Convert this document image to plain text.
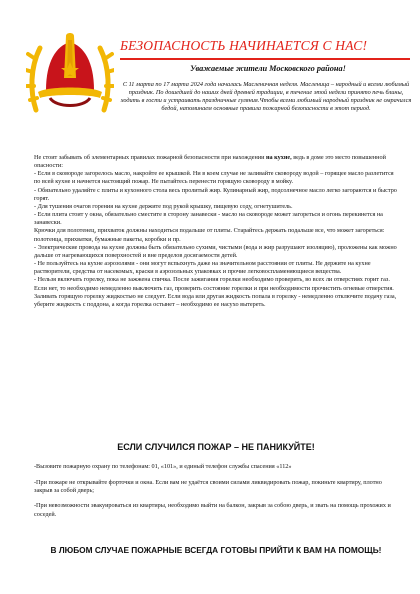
БЕЗОПАСНОСТЬ НАЧИНАЕТСЯ С НАС!

Уважаемые жители Московского района!

С 11 марта по 17 марта 2024 года началась Масленичная неделя. Масленица – народный и всеми любимый праздник. По дошедшей до наших дней древней традиции, в течение этой недели принято печь блины, ходить в гости и устраивать праздничные гуляния.Чтобы всеми любимый народный праздник не омрачился бедой, напоминаем основные правила пожарной безопасности в этот период.

Не стоит забывать об элементарных правилах пожарной безопасности при нахождении на кухне, ведь в доме это место повышенной опасности:

- Если в сковороде загорелось масло, накройте ее крышкой. Ни в коем случае не заливайте сковороду водой – горящее масло разлетится по всей кухне и начнется настоящий пожар. Не пытайтесь перенести горящую сковороду в мойку.

- Обязательно удаляйте с плиты и кухонного стола весь пролитый жир. Кулинарный жир, подсолнечное масло легко загораются и быстро горят.

- Для тушения очагов горения на кухне держите под рукой крышку, пищевую соду, огнетушитель.

- Если плита стоит у окна, обязательно сместите в сторону занавески - масло на сковороде может загореться и огонь перекинется на занавески.

Крючки для полотенец, прихваток должны находиться подальше от плиты. Старайтесь держать подальше все, что может загореться: полотенца, прихватки, бумажные пакеты, коробки и пр.

- Электрические провода на кухне должны быть обязательно сухими, чистыми (вода и жир разрушают изоляцию), проложены как можно дальше от нагревающихся поверхностей и вне пределов досягаемости детей.

- Не пользуйтесь на кухне аэрозолями - они могут вспыхнуть даже на значительном расстоянии от плиты. Не держите на кухне растворители, средства от насекомых, краски в аэрозольных упаковках и прочие легковоспламеняющиеся вещества.

- Нельзя включать горелку, пока не зажжена спичка. После зажигания горелки необходимо проверить, во всех ли отверстиях горит газ. Если нет, то необходимо немедленно выключить газ, проверить состояние горелки и при необходимости прочистить огневые отверстия. Заливать горящую горелку жидкостью не следует. Если вода или другая жидкость попала в горелку - немедленно отключите подачу газа, уберите жидкость с поддона, а когда горелка остынет – необходимо ее насухо вытереть.

ЕСЛИ СЛУЧИЛСЯ ПОЖАР – НЕ ПАНИКУЙТЕ!

-Вызовите пожарную охрану по телефонам: 01, «101», и единый телефон службы спасения «112»

-При пожаре не открывайте форточки и окна. Если вам не удаётся своими силами ликвидировать пожар, покиньте квартиру, плотно закрыв за собой дверь;

-При невозможности эвакуироваться из квартиры, необходимо выйти на балкон, закрыв за собою дверь, и звать на помощь прохожих и соседей.

В ЛЮБОМ СЛУЧАЕ ПОЖАРНЫЕ ВСЕГДА ГОТОВЫ ПРИЙТИ К ВАМ НА ПОМОЩЬ!
